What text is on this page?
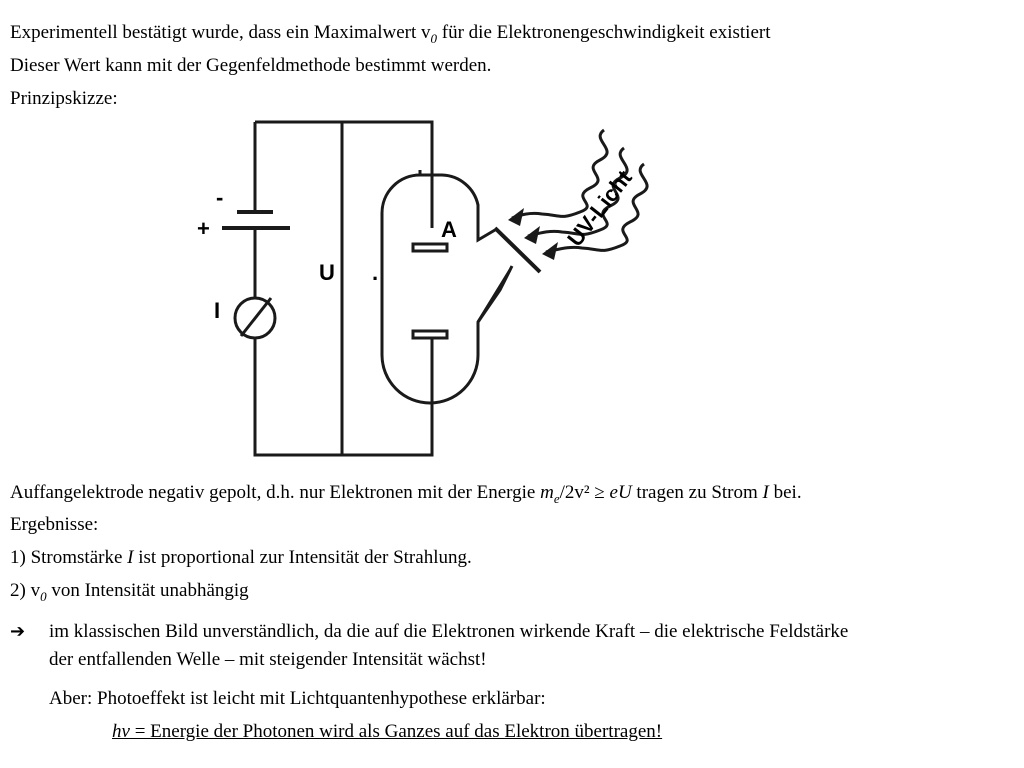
Experimentell bestätigt wurde, dass ein Maximalwert $v_0$ für die Elektronengeschwindigkeit existiert
Dieser Wert kann mit der Gegenfeldmethode bestimmt werden.
Prinzipskizze:
-
+
I
U .
A	UV-Licht
Auffangelektrode negativ gepolt, d.h. nur Elektronen mit der Energie $m_e/2v^2$ ≥ eU tragen zu Strom I bei.
Ergebnisse:
1) Stromstärke I ist proportional zur Intensität der Strahlung.
2) $v_0$ von Intensität unabhängig
➔ im klassischen Bild unverständlich, da die auf die Elektronen wirkende Kraft – die elektrische Feldstärke
der entfallenden Welle – mit steigender Intensität wächst!
Aber: Photoeffekt ist leicht mit Lichtquantenhypothese erklärbar:
hν = Energie der Photonen wird als Ganzes auf das Elektron übertragen!
